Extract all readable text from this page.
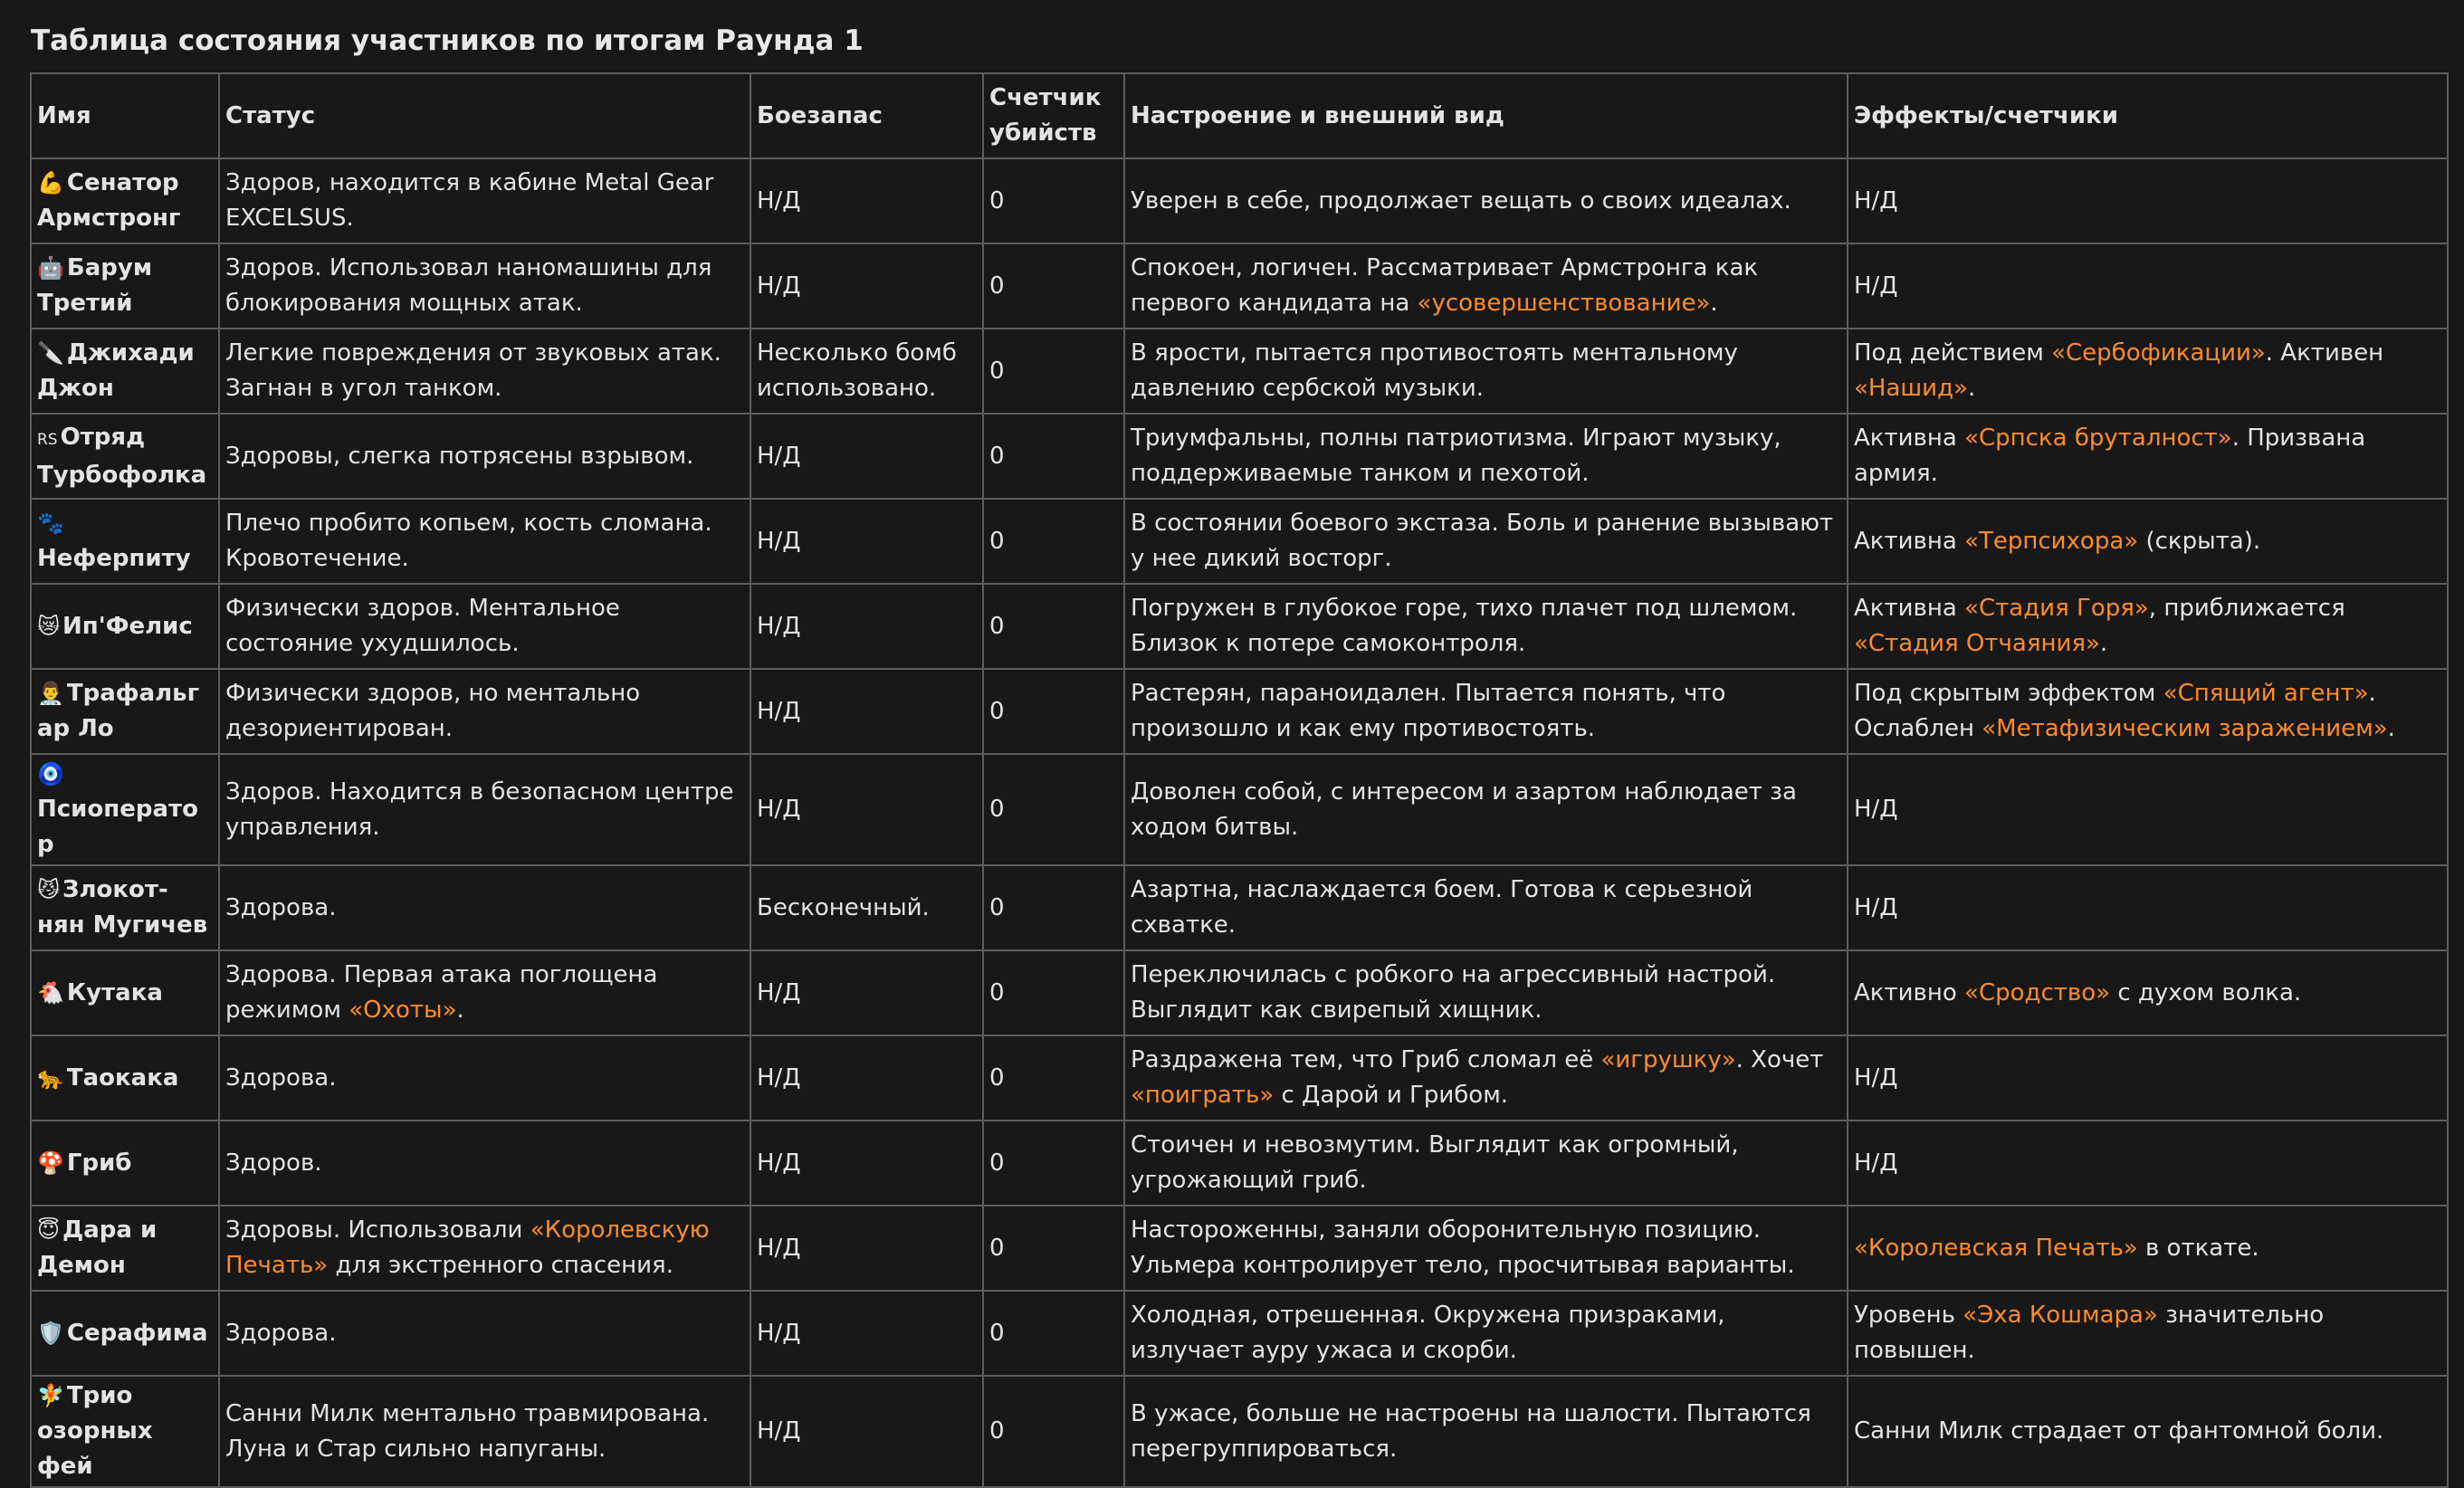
Таблица состояния участников по итогам Раунда 1
Имя	Статус	Боезапас	Счетчик убийств	Настроение и внешний вид	Эффекты/счетчики
💪 Сенатор Армстронг	Здоров, находится в кабине Metal Gear EXCELSUS.	Н/Д	0	Уверен в себе, продолжает вещать о своих идеалах.	Н/Д
🤖 Барум Третий	Здоров. Использовал наномашины для блокирования мощных атак.	Н/Д	0	Спокоен, логичен. Рассматривает Армстронга как первого кандидата на «усовершенствование».	Н/Д
🔪 Джихади Джон	Легкие повреждения от звуковых атак. Загнан в угол танком.	Несколько бомб использовано.	0	В ярости, пытается противостоять ментальному давлению сербской музыки.	Под действием «Сербофикации». Активен «Нашид».
RS Отряд Турбофолка	Здоровы, слегка потрясены взрывом.	Н/Д	0	Триумфальны, полны патриотизма. Играют музыку, поддерживаемые танком и пехотой.	Активна «Српска бруталност». Призвана армия.
🐾Неферпиту	Плечо пробито копьем, кость сломана. Кровотечение.	Н/Д	0	В состоянии боевого экстаза. Боль и ранение вызывают у нее дикий восторг.	Активна «Терпсихора» (скрыта).
😿 Ип'Фелис	Физически здоров. Ментальное состояние ухудшилось.	Н/Д	0	Погружен в глубокое горе, тихо плачет под шлемом. Близок к потере самоконтроля.	Активна «Стадия Горя», приближается «Стадия Отчаяния».
👨‍⚕️ Трафальгар Ло	Физически здоров, но ментально дезориентирован.	Н/Д	0	Растерян, параноидален. Пытается понять, что произошло и как ему противостоять.	Под скрытым эффектом «Спящий агент». Ослаблен «Метафизическим заражением».
🧿Псиоператор	Здоров. Находится в безопасном центре управления.	Н/Д	0	Доволен собой, с интересом и азартом наблюдает за ходом битвы.	Н/Д
😼 Злокот-нян Мугичев	Здорова.	Бесконечный.	0	Азартна, наслаждается боем. Готова к серьезной схватке.	Н/Д
🐔 Кутака	Здорова. Первая атака поглощена режимом «Охоты».	Н/Д	0	Переключилась с робкого на агрессивный настрой. Выглядит как свирепый хищник.	Активно «Сродство» с духом волка.
🐆 Таокака	Здорова.	Н/Д	0	Раздражена тем, что Гриб сломал её «игрушку». Хочет «поиграть» с Дарой и Грибом.	Н/Д
🍄 Гриб	Здоров.	Н/Д	0	Стоичен и невозмутим. Выглядит как огромный, угрожающий гриб.	Н/Д
😇 Дара и Демон	Здоровы. Использовали «Королевскую Печать» для экстренного спасения.	Н/Д	0	Настороженны, заняли оборонительную позицию. Ульмера контролирует тело, просчитывая варианты.	«Королевская Печать» в откате.
🛡️ Серафима	Здорова.	Н/Д	0	Холодная, отрешенная. Окружена призраками, излучает ауру ужаса и скорби.	Уровень «Эха Кошмара» значительно повышен.
🧚 Трио озорных фей	Санни Милк ментально травмирована. Луна и Стар сильно напуганы.	Н/Д	0	В ужасе, больше не настроены на шалости. Пытаются перегруппироваться.	Санни Милк страдает от фантомной боли.
